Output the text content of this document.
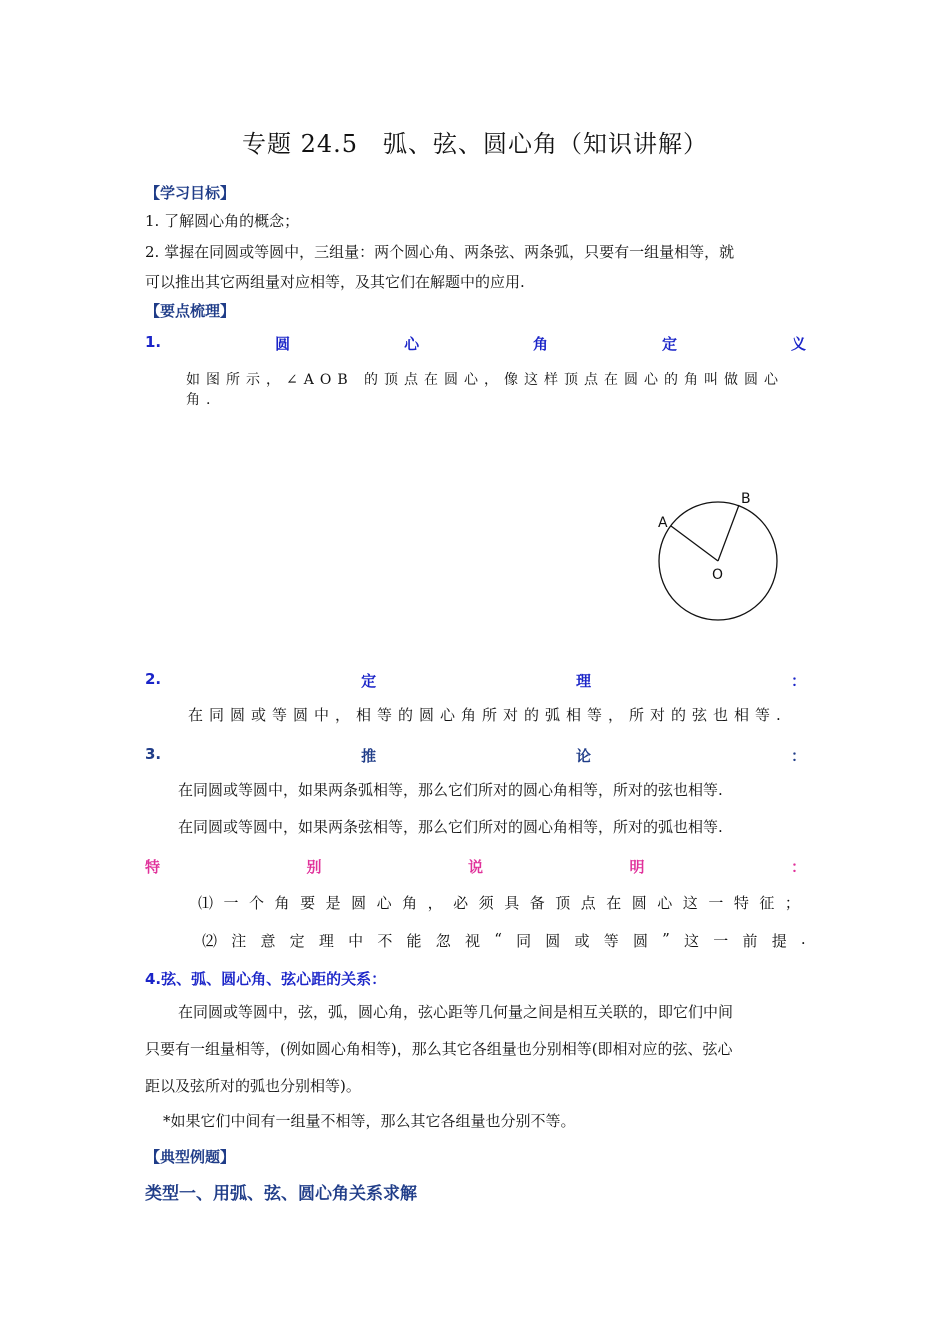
专题 24.5　弧、弦、圆心角（知识讲解）
【学习目标】
1. 了解圆心角的概念；
2. 掌握在同圆或等圆中，三组量：两个圆心角、两条弦、两条弧，只要有一组量相等，就
可以推出其它两组量对应相等，及其它们在解题中的应用.
【要点梳理】
1.	圆	心	角	定	义
如图所示，∠AOB 的顶点在圆心，像这样顶点在圆心的角叫做圆心角.
A
B
O
2.	定	理	：
在同圆或等圆中，相等的圆心角所对的弧相等，所对的弦也相等.
3.	推	论	：
在同圆或等圆中，如果两条弧相等，那么它们所对的圆心角相等，所对的弦也相等.
在同圆或等圆中，如果两条弦相等，那么它们所对的圆心角相等，所对的弧也相等.
特	别	说	明	：
⑴ 一 个 角 要 是 圆 心 角 ， 必 须 具 备 顶 点 在 圆 心 这 一 特 征 ；
⑵ 注 意 定 理 中 不 能 忽 视 “ 同 圆 或 等 圆 ” 这 一 前 提 .
4.弦、弧、圆心角、弦心距的关系：
在同圆或等圆中，弦，弧，圆心角，弦心距等几何量之间是相互关联的，即它们中间
只要有一组量相等，(例如圆心角相等)，那么其它各组量也分别相等(即相对应的弦、弦心
距以及弦所对的弧也分别相等)。
*如果它们中间有一组量不相等，那么其它各组量也分别不等。
【典型例题】
类型一、用弧、弦、圆心角关系求解
